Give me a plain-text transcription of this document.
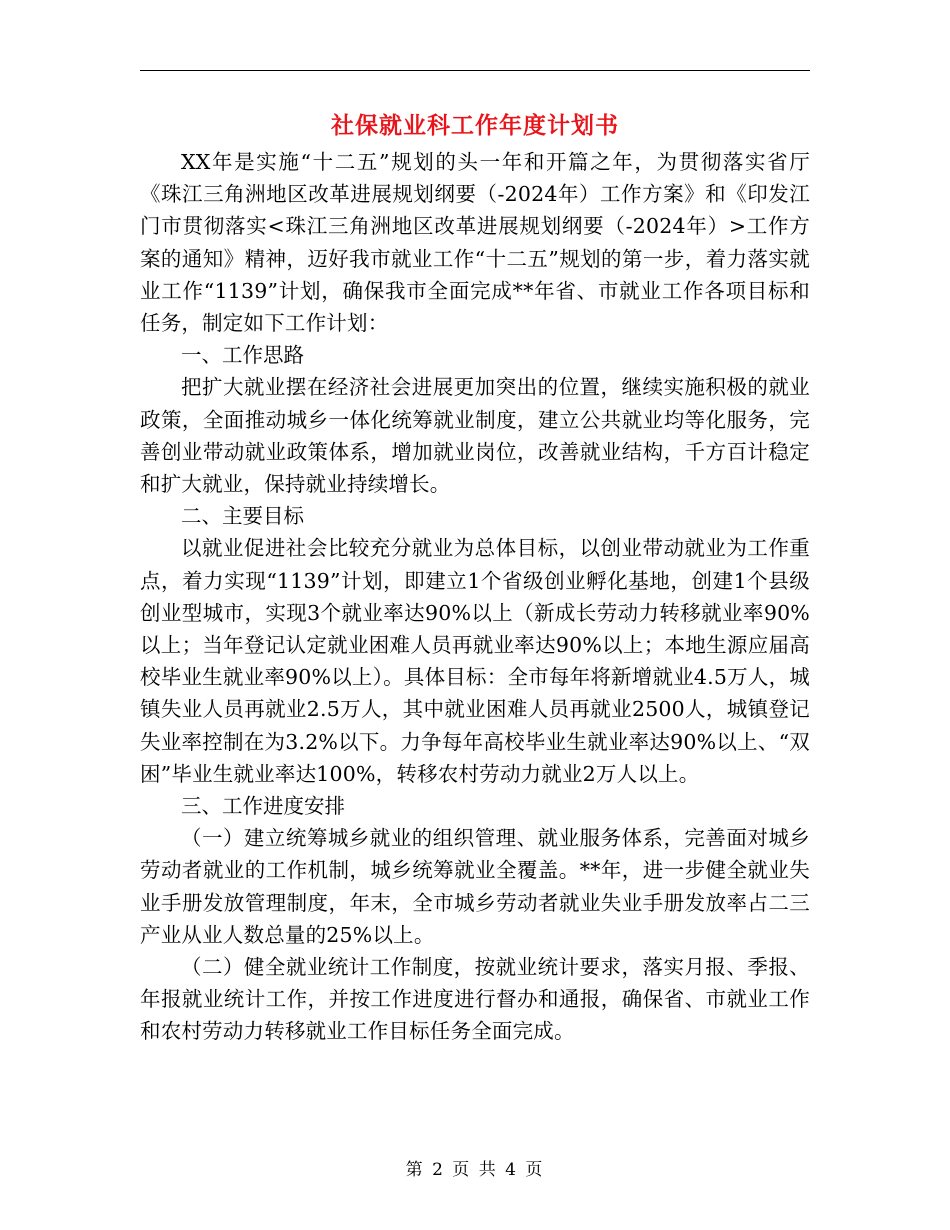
社保就业科工作年度计划书

XX年是实施“十二五”规划的头一年和开篇之年，为贯彻落实省厅《珠江三角洲地区改革进展规划纲要（-2024年）工作方案》和《印发江门市贯彻落实<珠江三角洲地区改革进展规划纲要（-2024年）>工作方案的通知》精神，迈好我市就业工作“十二五”规划的第一步，着力落实就业工作“1139”计划，确保我市全面完成**年省、市就业工作各项目标和任务，制定如下工作计划：

一、工作思路

把扩大就业摆在经济社会进展更加突出的位置，继续实施积极的就业政策，全面推动城乡一体化统筹就业制度，建立公共就业均等化服务，完善创业带动就业政策体系，增加就业岗位，改善就业结构，千方百计稳定和扩大就业，保持就业持续增长。

二、主要目标

以就业促进社会比较充分就业为总体目标，以创业带动就业为工作重点，着力实现“1139”计划，即建立1个省级创业孵化基地，创建1个县级创业型城市，实现3个就业率达90%以上（新成长劳动力转移就业率90%以上；当年登记认定就业困难人员再就业率达90%以上；本地生源应届高校毕业生就业率90%以上）。具体目标：全市每年将新增就业4.5万人，城镇失业人员再就业2.5万人，其中就业困难人员再就业2500人，城镇登记失业率控制在为3.2%以下。力争每年高校毕业生就业率达90%以上、“双困”毕业生就业率达100%，转移农村劳动力就业2万人以上。

三、工作进度安排

（一）建立统筹城乡就业的组织管理、就业服务体系，完善面对城乡劳动者就业的工作机制，城乡统筹就业全覆盖。**年，进一步健全就业失业手册发放管理制度，年末，全市城乡劳动者就业失业手册发放率占二三产业从业人数总量的25%以上。

（二）健全就业统计工作制度，按就业统计要求，落实月报、季报、年报就业统计工作，并按工作进度进行督办和通报，确保省、市就业工作和农村劳动力转移就业工作目标任务全面完成。

第 2 页 共 4 页
